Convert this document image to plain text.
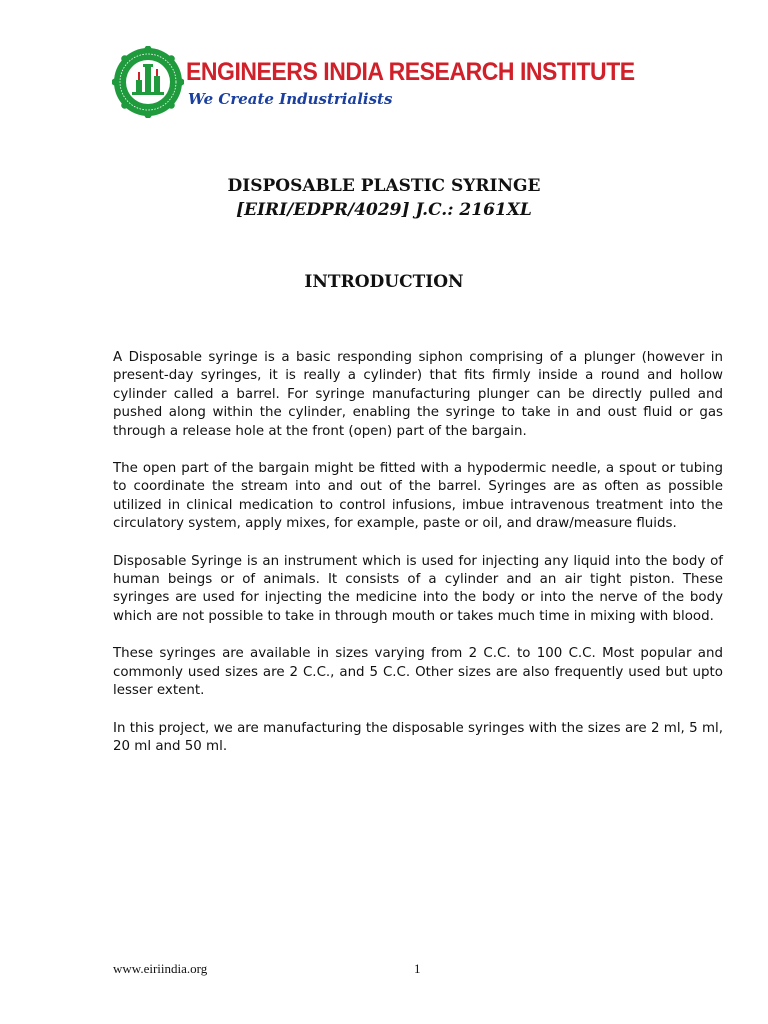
ENGINEERS INDIA RESEARCH INSTITUTE
We Create Industrialists
DISPOSABLE PLASTIC SYRINGE
[EIRI/EDPR/4029] J.C.: 2161XL
INTRODUCTION

A Disposable syringe is a basic responding siphon comprising of a plunger (however in present-day syringes, it is really a cylinder) that fits firmly inside a round and hollow cylinder called a barrel. For syringe manufacturing plunger can be directly pulled and pushed along within the cylinder, enabling the syringe to take in and oust fluid or gas through a release hole at the front (open) part of the bargain.

The open part of the bargain might be fitted with a hypodermic needle, a spout or tubing to coordinate the stream into and out of the barrel. Syringes are as often as possible utilized in clinical medication to control infusions, imbue intravenous treatment into the circulatory system, apply mixes, for example, paste or oil, and draw/measure fluids.

Disposable Syringe is an instrument which is used for injecting any liquid into the body of human beings or of animals. It consists of a cylinder and an air tight piston. These syringes are used for injecting the medicine into the body or into the nerve of the body which are not possible to take in through mouth or takes much time in mixing with blood.

These syringes are available in sizes varying from 2 C.C. to 100 C.C. Most popular and commonly used sizes are 2 C.C., and 5 C.C. Other sizes are also frequently used but upto lesser extent.

In this project, we are manufacturing the disposable syringes with the sizes are 2 ml, 5 ml, 20 ml and 50 ml.

www.eiriindia.org	1
